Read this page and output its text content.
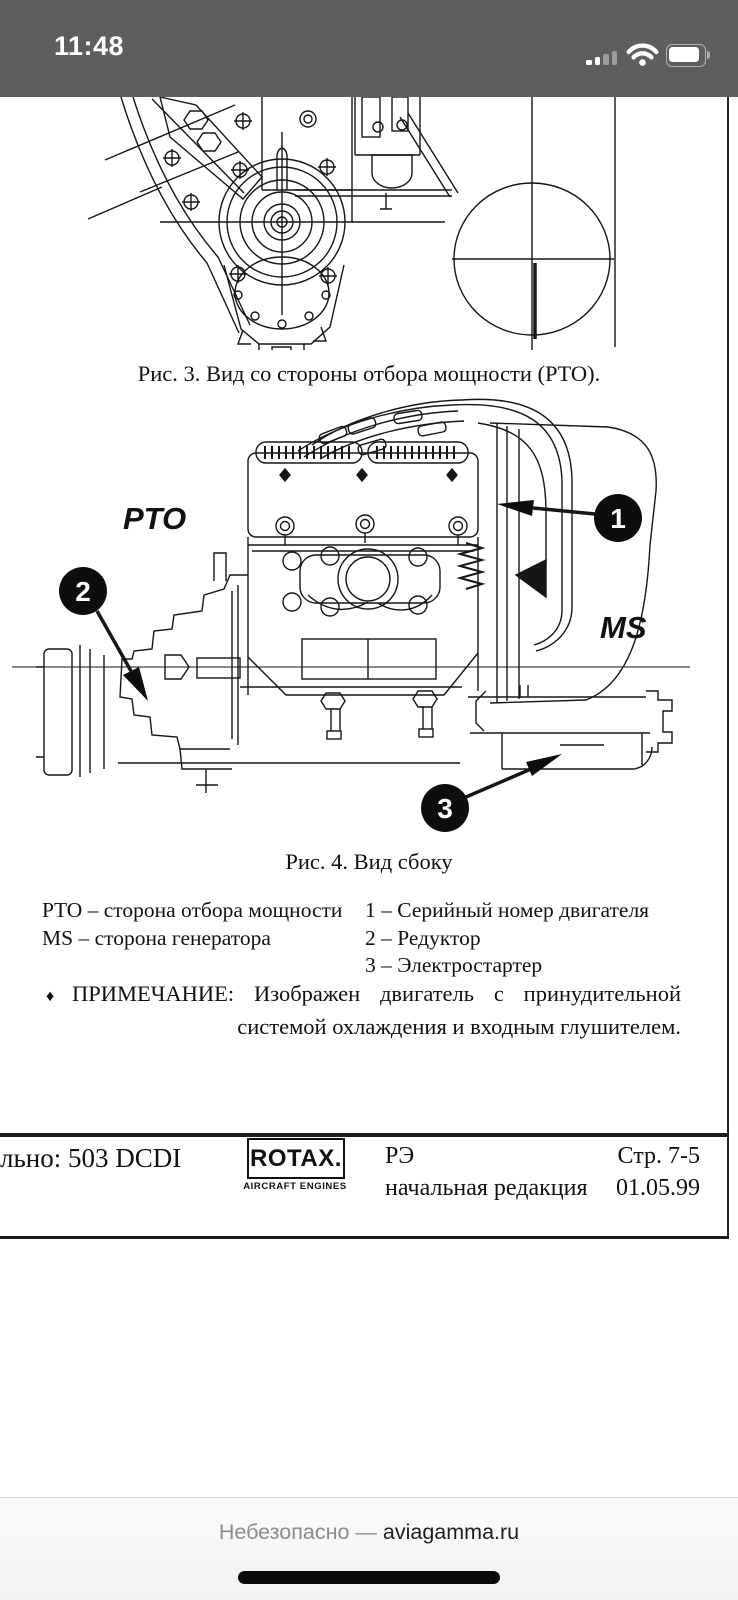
11:48
Рис. 3. Вид со стороны отбора мощности (PTO).
PTO
MS
1
2
3
Рис. 4. Вид сбоку
PTO – сторона отбора мощности
MS – сторона генератора
1 – Серийный номер двигателя
2 – Редуктор
3 – Электростартер
♦ ПРИМЕЧАНИЕ: Изображен двигатель с принудительной
системой охлаждения и входным глушителем.
льно: 503 DCDI	ROTAX.
AIRCRAFT ENGINES
РЭ
начальная редакция
Стр. 7-5
01.05.99
Небезопасно — aviagamma.ru
